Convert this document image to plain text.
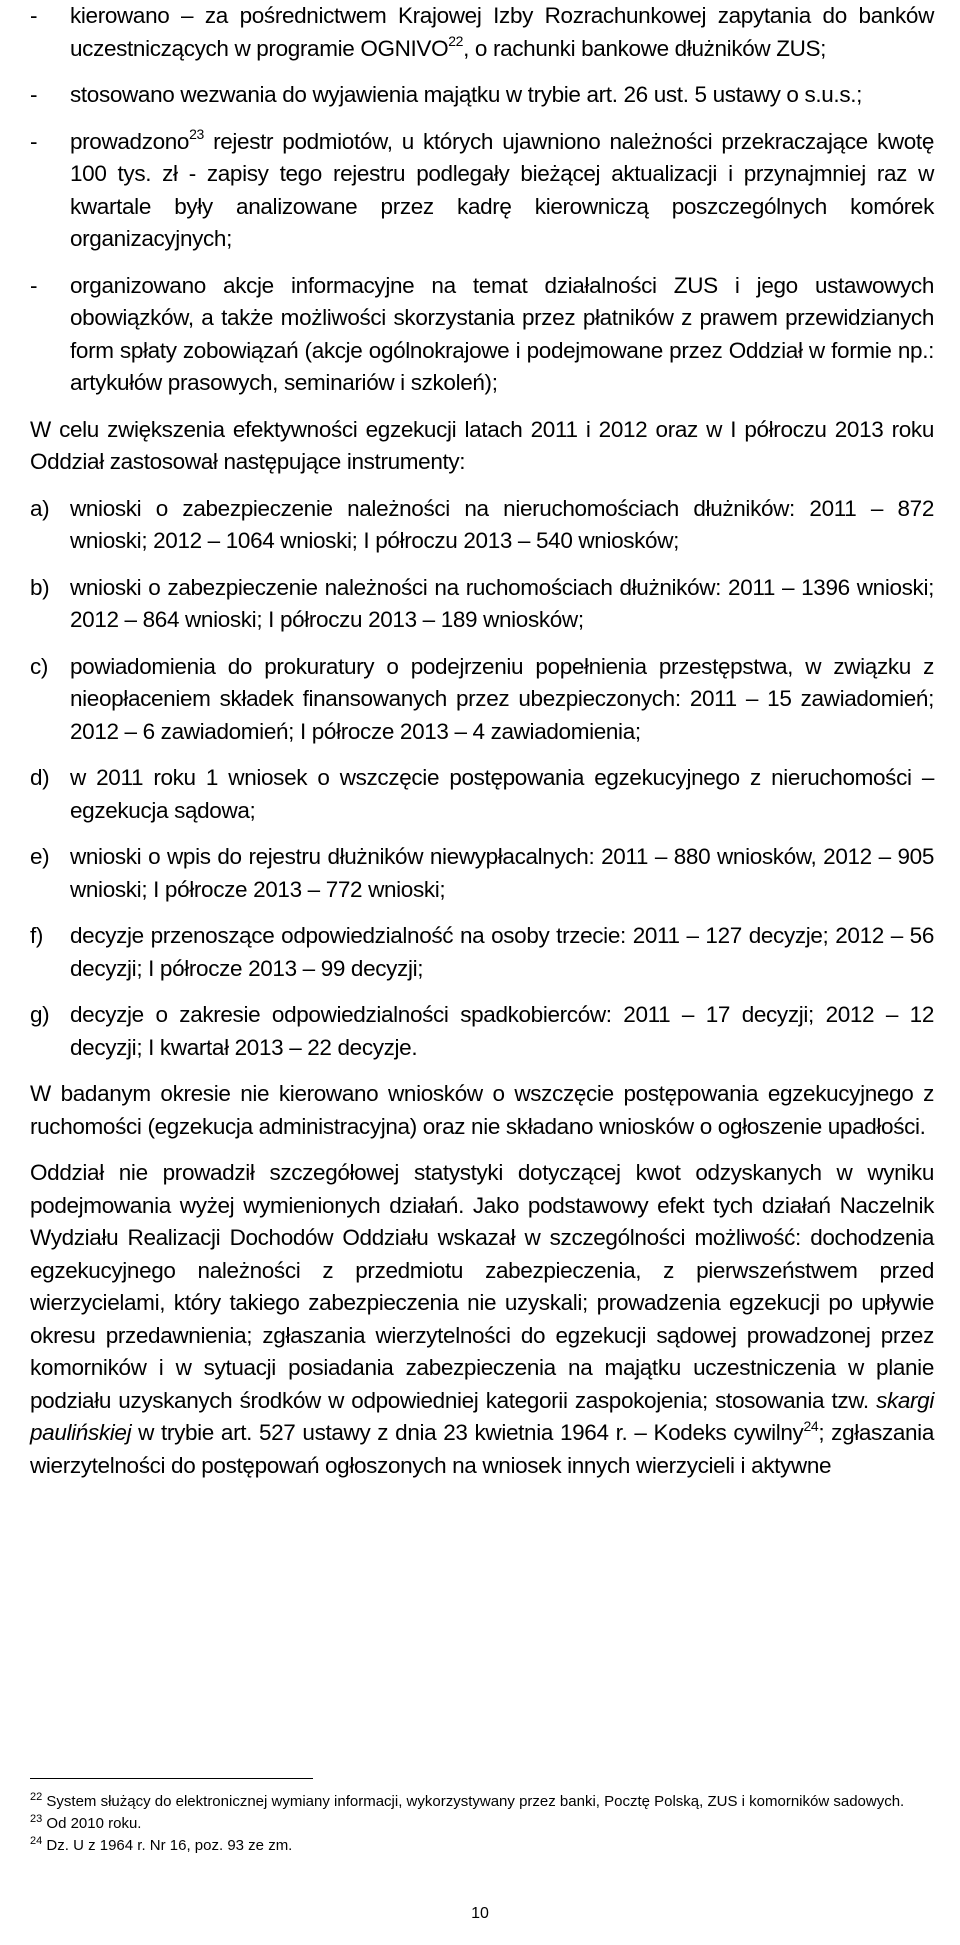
- kierowano – za pośrednictwem Krajowej Izby Rozrachunkowej zapytania do banków uczestniczących w programie OGNIVO$^{22}$, o rachunki bankowe dłużników ZUS;
- stosowano wezwania do wyjawienia majątku w trybie art. 26 ust. 5 ustawy o s.u.s.;
- prowadzono$^{23}$ rejestr podmiotów, u których ujawniono należności przekraczające kwotę 100 tys. zł - zapisy tego rejestru podlegały bieżącej aktualizacji i przynajmniej raz w kwartale były analizowane przez kadrę kierowniczą poszczególnych komórek organizacyjnych;
- organizowano akcje informacyjne na temat działalności ZUS i jego ustawowych obowiązków, a także możliwości skorzystania przez płatników z prawem przewidzianych form spłaty zobowiązań (akcje ogólnokrajowe i podejmowane przez Oddział w formie np.: artykułów prasowych, seminariów i szkoleń);

W celu zwiększenia efektywności egzekucji latach 2011 i 2012 oraz w I półroczu 2013 roku Oddział zastosował następujące instrumenty:

a) wnioski o zabezpieczenie należności na nieruchomościach dłużników: 2011 – 872 wnioski; 2012 – 1064 wnioski; I półroczu 2013 – 540 wniosków;
b) wnioski o zabezpieczenie należności na ruchomościach dłużników: 2011 – 1396 wnioski; 2012 – 864 wnioski; I półroczu 2013 – 189 wniosków;
c) powiadomienia do prokuratury o podejrzeniu popełnienia przestępstwa, w związku z nieopłaceniem składek finansowanych przez ubezpieczonych: 2011 – 15 zawiadomień; 2012 – 6 zawiadomień; I półrocze 2013 – 4 zawiadomienia;
d) w 2011 roku 1 wniosek o wszczęcie postępowania egzekucyjnego z nieruchomości – egzekucja sądowa;
e) wnioski o wpis do rejestru dłużników niewypłacalnych: 2011 – 880 wniosków, 2012 – 905 wnioski; I półrocze 2013 – 772 wnioski;
f) decyzje przenoszące odpowiedzialność na osoby trzecie: 2011 – 127 decyzje; 2012 – 56 decyzji; I półrocze 2013 – 99 decyzji;
g) decyzje o zakresie odpowiedzialności spadkobierców: 2011 – 17 decyzji; 2012 – 12 decyzji; I kwartał 2013 – 22 decyzje.

W badanym okresie nie kierowano wniosków o wszczęcie postępowania egzekucyjnego z ruchomości (egzekucja administracyjna) oraz nie składano wniosków o ogłoszenie upadłości.

Oddział nie prowadził szczegółowej statystyki dotyczącej kwot odzyskanych w wyniku podejmowania wyżej wymienionych działań. Jako podstawowy efekt tych działań Naczelnik Wydziału Realizacji Dochodów Oddziału wskazał w szczególności możliwość: dochodzenia egzekucyjnego należności z przedmiotu zabezpieczenia, z pierwszeństwem przed wierzycielami, który takiego zabezpieczenia nie uzyskali; prowadzenia egzekucji po upływie okresu przedawnienia; zgłaszania wierzytelności do egzekucji sądowej prowadzonej przez komorników i w sytuacji posiadania zabezpieczenia na majątku uczestniczenia w planie podziału uzyskanych środków w odpowiedniej kategorii zaspokojenia; stosowania tzw. skargi paulińskiej w trybie art. 527 ustawy z dnia 23 kwietnia 1964 r. – Kodeks cywilny$^{24}$; zgłaszania wierzytelności do postępowań ogłoszonych na wniosek innych wierzycieli i aktywne

$^{22}$ System służący do elektronicznej wymiany informacji, wykorzystywany przez banki, Pocztę Polską, ZUS i komorników sadowych.

$^{23}$ Od 2010 roku.

$^{24}$ Dz. U z 1964 r. Nr 16, poz. 93 ze zm.

10
